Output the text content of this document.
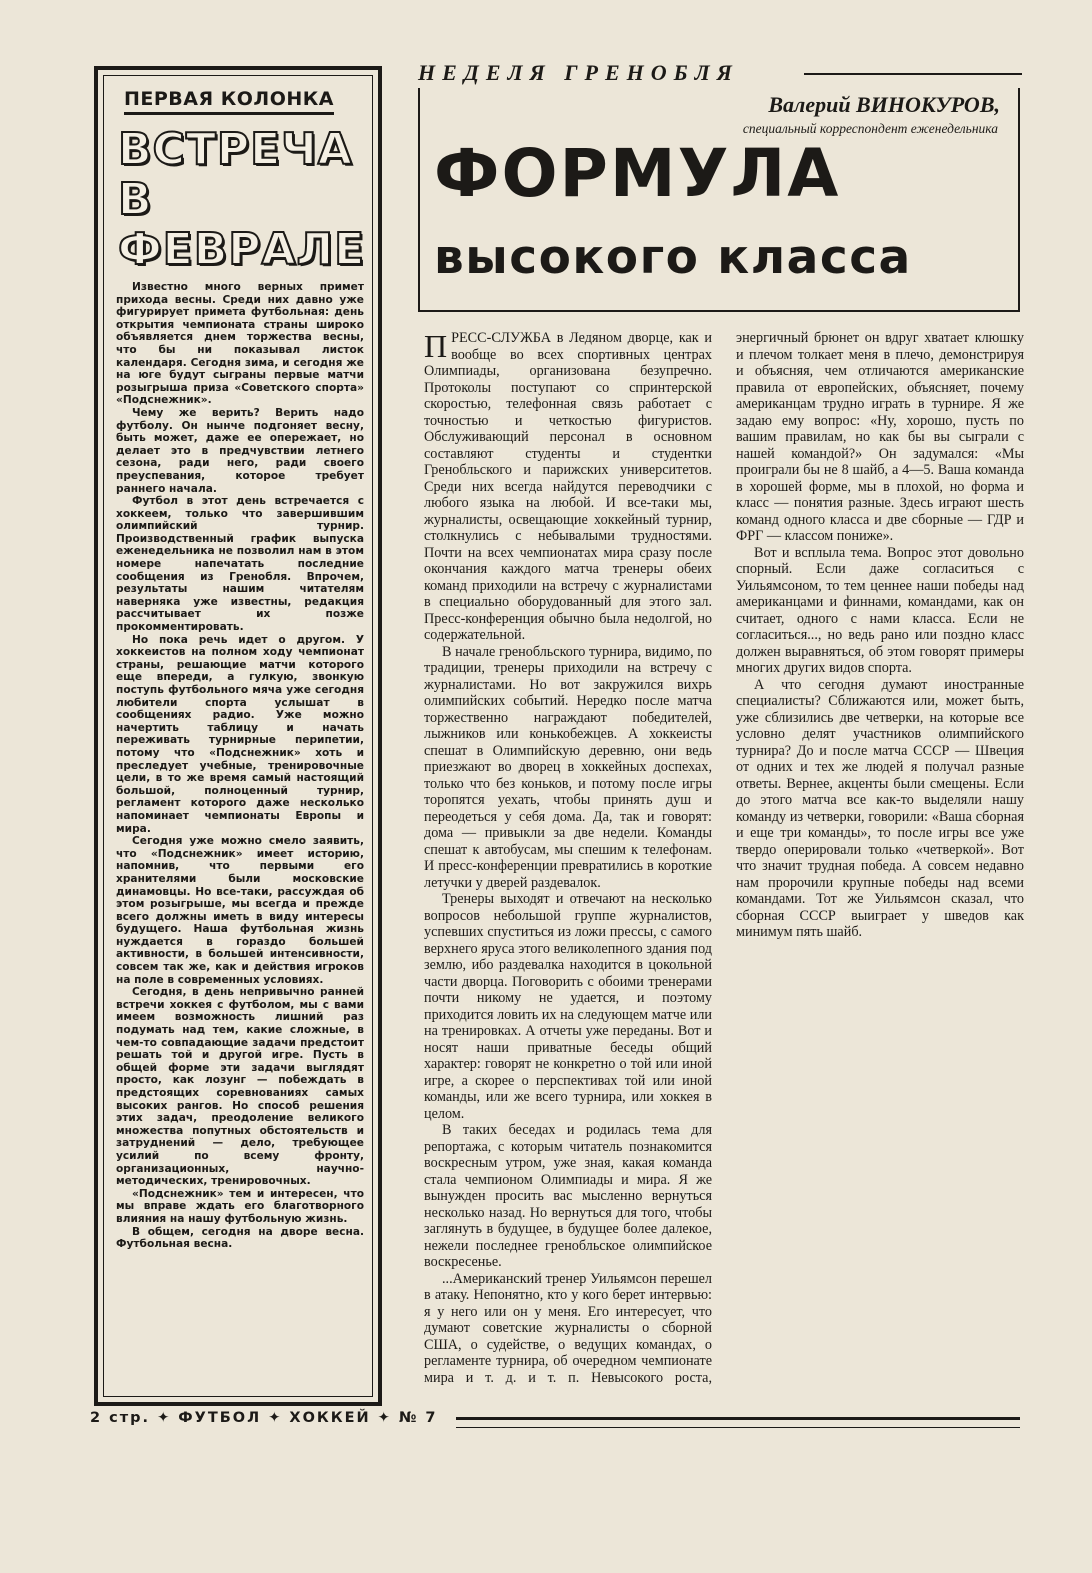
ПЕРВАЯ КОЛОНКА
ВСТРЕЧА
В
ФЕВРАЛЕ

Известно много верных примет прихода весны. Среди них давно уже фигурирует примета футбольная: день открытия чемпионата страны широко объявляется днем торжества весны, что бы ни показывал листок календаря. Сегодня зима, и сегодня же на юге будут сыграны первые матчи розыгрыша приза «Советского спорта» «Подснежник».

Чему же верить? Верить надо футболу. Он нынче подгоняет весну, быть может, даже ее опережает, но делает это в предчувствии летнего сезона, ради него, ради своего преуспевания, которое требует раннего начала.

Футбол в этот день встречается с хоккеем, только что завершившим олимпийский турнир. Производственный график выпуска еженедельника не позволил нам в этом номере напечатать последние сообщения из Гренобля. Впрочем, результаты нашим читателям наверняка уже известны, редакция рассчитывает их позже прокомментировать.

Но пока речь идет о другом. У хоккеистов на полном ходу чемпионат страны, решающие матчи которого еще впереди, а гулкую, звонкую поступь футбольного мяча уже сегодня любители спорта услышат в сообщениях радио. Уже можно начертить таблицу и начать переживать турнирные перипетии, потому что «Подснежник» хоть и преследует учебные, тренировочные цели, в то же время самый настоящий большой, полноценный турнир, регламент которого даже несколько напоминает чемпионаты Европы и мира.

Сегодня уже можно смело заявить, что «Подснежник» имеет историю, напомнив, что первыми его хранителями были московские динамовцы. Но все-таки, рассуждая об этом розыгрыше, мы всегда и прежде всего должны иметь в виду интересы будущего. Наша футбольная жизнь нуждается в гораздо большей активности, в большей интенсивности, совсем так же, как и действия игроков на поле в современных условиях.

Сегодня, в день непривычно ранней встречи хоккея с футболом, мы с вами имеем возможность лишний раз подумать над тем, какие сложные, в чем-то совпадающие задачи предстоит решать той и другой игре. Пусть в общей форме эти задачи выглядят просто, как лозунг — побеждать в предстоящих соревнованиях самых высоких рангов. Но способ решения этих задач, преодоление великого множества попутных обстоятельств и затруднений — дело, требующее усилий по всему фронту, организационных, научно-методических, тренировочных.

«Подснежник» тем и интересен, что мы вправе ждать его благотворного влияния на нашу футбольную жизнь.

В общем, сегодня на дворе весна. Футбольная весна.

НЕДЕЛЯ ГРЕНОБЛЯ
Валерий ВИНОКУРОВ,
специальный корреспондент еженедельника
ФОРМУЛА
высокого класса

ПРЕСС-СЛУЖБА в Ледяном дворце, как и вообще во всех спортивных центрах Олимпиады, организована безупречно. Протоколы поступают со спринтерской скоростью, телефонная связь работает с точностью и четкостью фигуристов. Обслуживающий персонал в основном составляют студенты и студентки Гренобльского и парижских университетов. Среди них всегда найдутся переводчики с любого языка на любой. И все-таки мы, журналисты, освещающие хоккейный турнир, столкнулись с небывалыми трудностями. Почти на всех чемпионатах мира сразу после окончания каждого матча тренеры обеих команд приходили на встречу с журналистами в специально оборудованный для этого зал. Пресс-конференция обычно была недолгой, но содержательной.

В начале гренобльского турнира, видимо, по традиции, тренеры приходили на встречу с журналистами. Но вот закружился вихрь олимпийских событий. Нередко после матча торжественно награждают победителей, лыжников или конькобежцев. А хоккеисты спешат в Олимпийскую деревню, они ведь приезжают во дворец в хоккейных доспехах, только что без коньков, и потому после игры торопятся уехать, чтобы принять душ и переодеться у себя дома. Да, так и говорят: дома — привыкли за две недели. Команды спешат к автобусам, мы спешим к телефонам. И пресс-конференции превратились в короткие летучки у дверей раздевалок.

Тренеры выходят и отвечают на несколько вопросов небольшой группе журналистов, успевших спуститься из ложи прессы, с самого верхнего яруса этого великолепного здания под землю, ибо раздевалка находится в цокольной части дворца. Поговорить с обоими тренерами почти никому не удается, и поэтому приходится ловить их на следующем матче или на тренировках. А отчеты уже переданы. Вот и носят наши приватные беседы общий характер: говорят не конкретно о той или иной игре, а скорее о перспективах той или иной команды, или же всего турнира, или хоккея в целом.

В таких беседах и родилась тема для репортажа, с которым читатель познакомится воскресным утром, уже зная, какая команда стала чемпионом Олимпиады и мира. Я же вынужден просить вас мысленно вернуться несколько назад. Но вернуться для того, чтобы заглянуть в будущее, в будущее более далекое, нежели последнее гренобльское олимпийское воскресенье.

...Американский тренер Уильямсон перешел в атаку. Непонятно, кто у кого берет интервью: я у него или он у меня. Его интересует, что думают советские журналисты о сборной США, о судействе, о ведущих командах, о регламенте турнира, об очередном чемпионате мира и т. д. и т. п. Невысокого роста, энергичный брюнет он вдруг хватает клюшку и плечом толкает меня в плечо, демонстрируя и объясняя, чем отличаются американские правила от европейских, объясняет, почему американцам трудно играть в турнире. Я же задаю ему вопрос: «Ну, хорошо, пусть по вашим правилам, но как бы вы сыграли с нашей командой?» Он задумался: «Мы проиграли бы не 8 шайб, а 4—5. Ваша команда в хорошей форме, мы в плохой, но форма и класс — понятия разные. Здесь играют шесть команд одного класса и две сборные — ГДР и ФРГ — классом пониже».

Вот и всплыла тема. Вопрос этот довольно спорный. Если даже согласиться с Уильямсоном, то тем ценнее наши победы над американцами и финнами, командами, как он считает, одного с нами класса. Если не согласиться..., но ведь рано или поздно класс должен выравняться, об этом говорят примеры многих других видов спорта.

А что сегодня думают иностранные специалисты? Сближаются или, может быть, уже сблизились две четверки, на которые все условно делят участников олимпийского турнира? До и после матча СССР — Швеция от одних и тех же людей я получал разные ответы. Вернее, акценты были смещены. Если до этого матча все как-то выделяли нашу команду из четверки, говорили: «Ваша сборная и еще три команды», то после игры все уже твердо оперировали только «четверкой». Вот что значит трудная победа. А совсем недавно нам пророчили крупные победы над всеми командами. Тот же Уильямсон сказал, что сборная СССР выиграет у шведов как минимум пять шайб.

2 стр. ✦ ФУТБОЛ ✦ ХОККЕЙ ✦ № 7
